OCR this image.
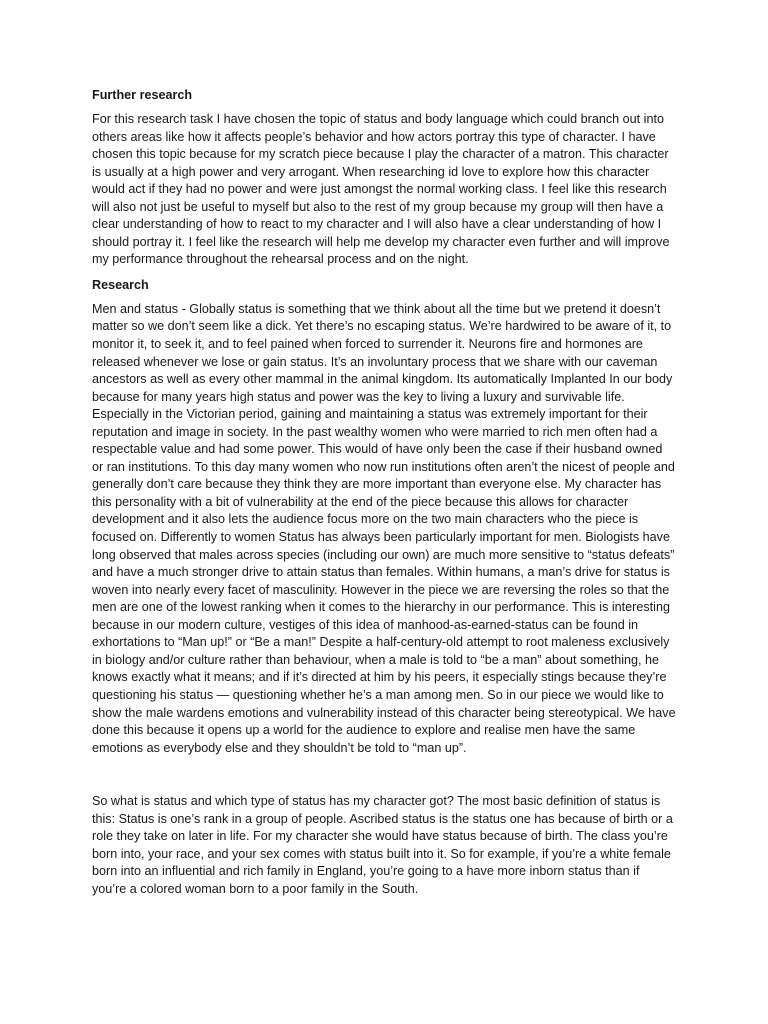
Further research

For this research task I have chosen the topic of status and body language which could branch out into others areas like how it affects people’s behavior and how actors portray this type of character. I have chosen this topic because for my scratch piece because I play the character of a matron. This character is usually at a high power and very arrogant. When researching id love to explore how this character would act if they had no power and were just amongst the normal working class. I feel like this research will also not just be useful to myself but also to the rest of my group because my group will then have a clear understanding of how to react to my character and I will also have a clear understanding of how I should portray it. I feel like the research will help me develop my character even further and will improve my performance throughout the rehearsal process and on the night.

Research

Men and status - Globally status is something that we think about all the time but we pretend it doesn’t matter so we don’t seem like a dick. Yet there’s no escaping status. We’re hardwired to be aware of it, to monitor it, to seek it, and to feel pained when forced to surrender it. Neurons fire and hormones are released whenever we lose or gain status. It’s an involuntary process that we share with our caveman ancestors as well as every other mammal in the animal kingdom. Its automatically Implanted In our body because for many years high status and power was the key to living a luxury and survivable life. Especially in the Victorian period, gaining and maintaining a status was extremely important for their reputation and image in society. In the past wealthy women who were married to rich men often had a respectable value and had some power. This would of have only been the case if their husband owned or ran institutions. To this day many women who now run institutions often aren’t the nicest of people and generally don’t care because they think they are more important than everyone else. My character has this personality with a bit of vulnerability at the end of the piece because this allows for character development and it also lets the audience focus more on the two main characters who the piece is focused on. Differently to women Status has always been particularly important for men. Biologists have long observed that males across species (including our own) are much more sensitive to “status defeats” and have a much stronger drive to attain status than females. Within humans, a man’s drive for status is woven into nearly every facet of masculinity. However in the piece we are reversing the roles so that the men are one of the lowest ranking when it comes to the hierarchy in our performance. This is interesting because in our modern culture, vestiges of this idea of manhood-as-earned-status can be found in exhortations to “Man up!” or “Be a man!” Despite a half-century-old attempt to root maleness exclusively in biology and/or culture rather than behaviour, when a male is told to “be a man” about something, he knows exactly what it means; and if it’s directed at him by his peers, it especially stings because they’re questioning his status — questioning whether he’s a man among men. So in our piece we would like to show the male wardens emotions and vulnerability instead of this character being stereotypical. We have done this because it opens up a world for the audience to explore and realise men have the same emotions as everybody else and they shouldn’t be told to “man up”.

So what is status and which type of status has my character got? The most basic definition of status is this: Status is one’s rank in a group of people. Ascribed status is the status one has because of birth or a role they take on later in life. For my character she would have status because of birth. The class you’re born into, your race, and your sex comes with status built into it. So for example, if you’re a white female born into an influential and rich family in England, you’re going to a have more inborn status than if you’re a colored woman born to a poor family in the South.
